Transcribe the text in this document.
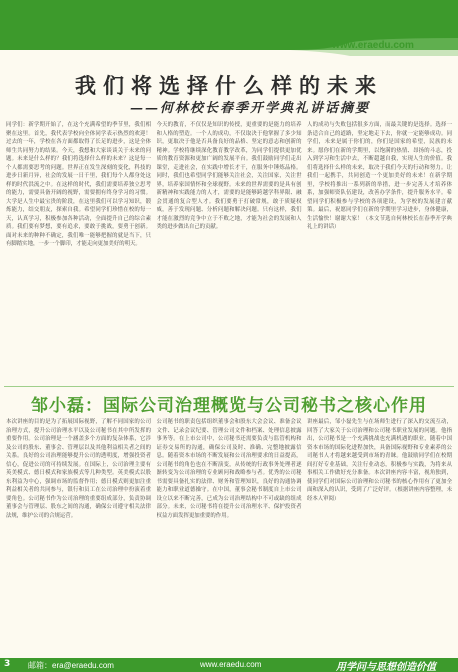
www.eraedu.com
我们将选择什么样的未来
——何林校长春季开学典礼讲话摘要

同学们：新学期开始了，在这个充满希望的季节里，我们相聚在这里。首先，我代表学校向全体同学表示热烈的欢迎！过去的一年，学校在各方面都取得了长足的进步，这是全体师生共同努力的结果。今天，我想和大家谈谈关于未来的问题。未来是什么样的？我们将选择什么样的未来？这是每一个人都需要思考的问题。世界正在发生深刻的变化，科技的进步日新月异，社会的发展一日千里，我们每个人都身处这样的时代洪流之中。在这样的时代，我们需要培养独立思考的能力，需要具备开阔的视野，需要拥有终身学习的习惯。大学是人生中最宝贵的阶段，在这里我们可以学习知识，锻炼能力，结交朋友，探索自我。希望同学们珍惜在校的每一天，认真学习，积极参加各种活动，全面提升自己的综合素质。我们要有梦想，要有追求，要敢于挑战，要勇于创新。面对未来的种种不确定，我们唯一能够把握的就是当下，只有脚踏实地，一步一个脚印，才能走向更加美好的明天。

今天的教育，不仅仅是知识的传授，更重要的是能力的培养和人格的塑造。一个人的成功，不仅取决于他掌握了多少知识，更取决于他是否具备良好的品格、坚定的意志和创新的精神。学校将继续深化教育教学改革，为同学们提供更加优质的教育资源和更加广阔的发展平台。我们鼓励同学们走出课堂，走进社会，在实践中增长才干，在服务中锤炼品格。同时，我们也希望同学们能够关注社会，关注国家，关注世界，培养家国情怀和全球视野。未来的世界需要的是具有创新精神和实践能力的人才，需要的是能够跨越学科界限、融会贯通的复合型人才。我们要勇于打破常规，敢于质疑权威，善于发现问题、分析问题和解决问题。只有这样，我们才能在激烈的竞争中立于不败之地，才能为社会的发展和人类的进步做出自己的贡献。

人的成功与失败包括很多方面，而最关键的是选择。选择一条适合自己的道路，坚定地走下去，你就一定能够成功。同学们，未来是属于你们的，你们是国家的希望，民族的未来。愿你们在新的学期里，以饱满的热情、昂扬的斗志，投入到学习和生活中去，不断超越自我，实现人生的价值。我们将选择什么样的未来，取决于我们今天的行动和努力。让我们一起携手，共同创造一个更加美好的未来！在新学期里，学校将推出一系列新的举措，进一步完善人才培养体系，加强师资队伍建设，改善办学条件，提升服务水平。希望同学们积极参与学校的各项建设，为学校的发展建言献策。最后，祝愿同学们在新的学期里学习进步，身体健康，生活愉快！谢谢大家！（本文节选自何林校长在春季开学典礼上的讲话）

邹小磊：国际公司治理概览与公司秘书之核心作用

本次讲座的目的是为了拓展国际视野，了解不同国家的公司治理方式，提升公司治理水平以及公司秘书在其中所发挥的重要作用。公司治理是一个涵盖多个方面的复杂体系，它涉及公司的股东、董事会、管理层以及其他利益相关者之间的关系。良好的公司治理能够提升公司的透明度，增强投资者信心，促进公司的可持续发展。在国际上，公司治理主要有英美模式、德日模式和家族模式等几种类型。英美模式以股东利益为中心，强调市场的监督作用；德日模式则更加注重利益相关者的共同参与，银行和员工在公司治理中扮演着重要角色。公司秘书作为公司治理的重要组成部分，负责协调董事会与管理层、股东之间的沟通，确保公司遵守相关法律法规，维护公司的合规运营。

公司秘书的职责包括组织董事会和股东大会会议、准备会议文件、记录会议纪要、管理公司文件和档案、处理信息披露事务等。在上市公司中，公司秘书还需要负责与监管机构和证券交易所的沟通，确保公司及时、准确、完整地披露信息。随着资本市场的不断发展和公司治理要求的日益提高，公司秘书的角色也在不断演变，从传统的行政事务处理者逐渐转变为公司治理的专业顾问和战略参与者。优秀的公司秘书需要具备扎实的法律、财务和管理知识，良好的沟通协调能力和职业道德操守。在中国，董事会秘书制度自上市公司设立以来不断完善，已成为公司治理结构中不可或缺的组成部分。未来，公司秘书将在提升公司治理水平、保护投资者权益方面发挥更加重要的作用。

讲座最后，邹小磊先生与在场师生进行了深入的交流互动，回答了大家关于公司治理和公司秘书职业发展的问题。他指出，公司秘书是一个充满挑战也充满机遇的职业，随着中国资本市场的国际化进程加快，具备国际视野和专业素养的公司秘书人才将越来越受到市场的青睐。他鼓励同学们在校期间打好专业基础，关注行业动态，积极参与实践，为将来从事相关工作做好充分准备。本次讲座内容丰富，视角独到，使同学们对国际公司治理和公司秘书的核心作用有了更加全面和深入的认识，受到了广泛好评。（根据讲座内容整理，未经本人审阅）

3 邮箱：era@eraedu.com	www.eraedu.com	用学问与思想创造价值
